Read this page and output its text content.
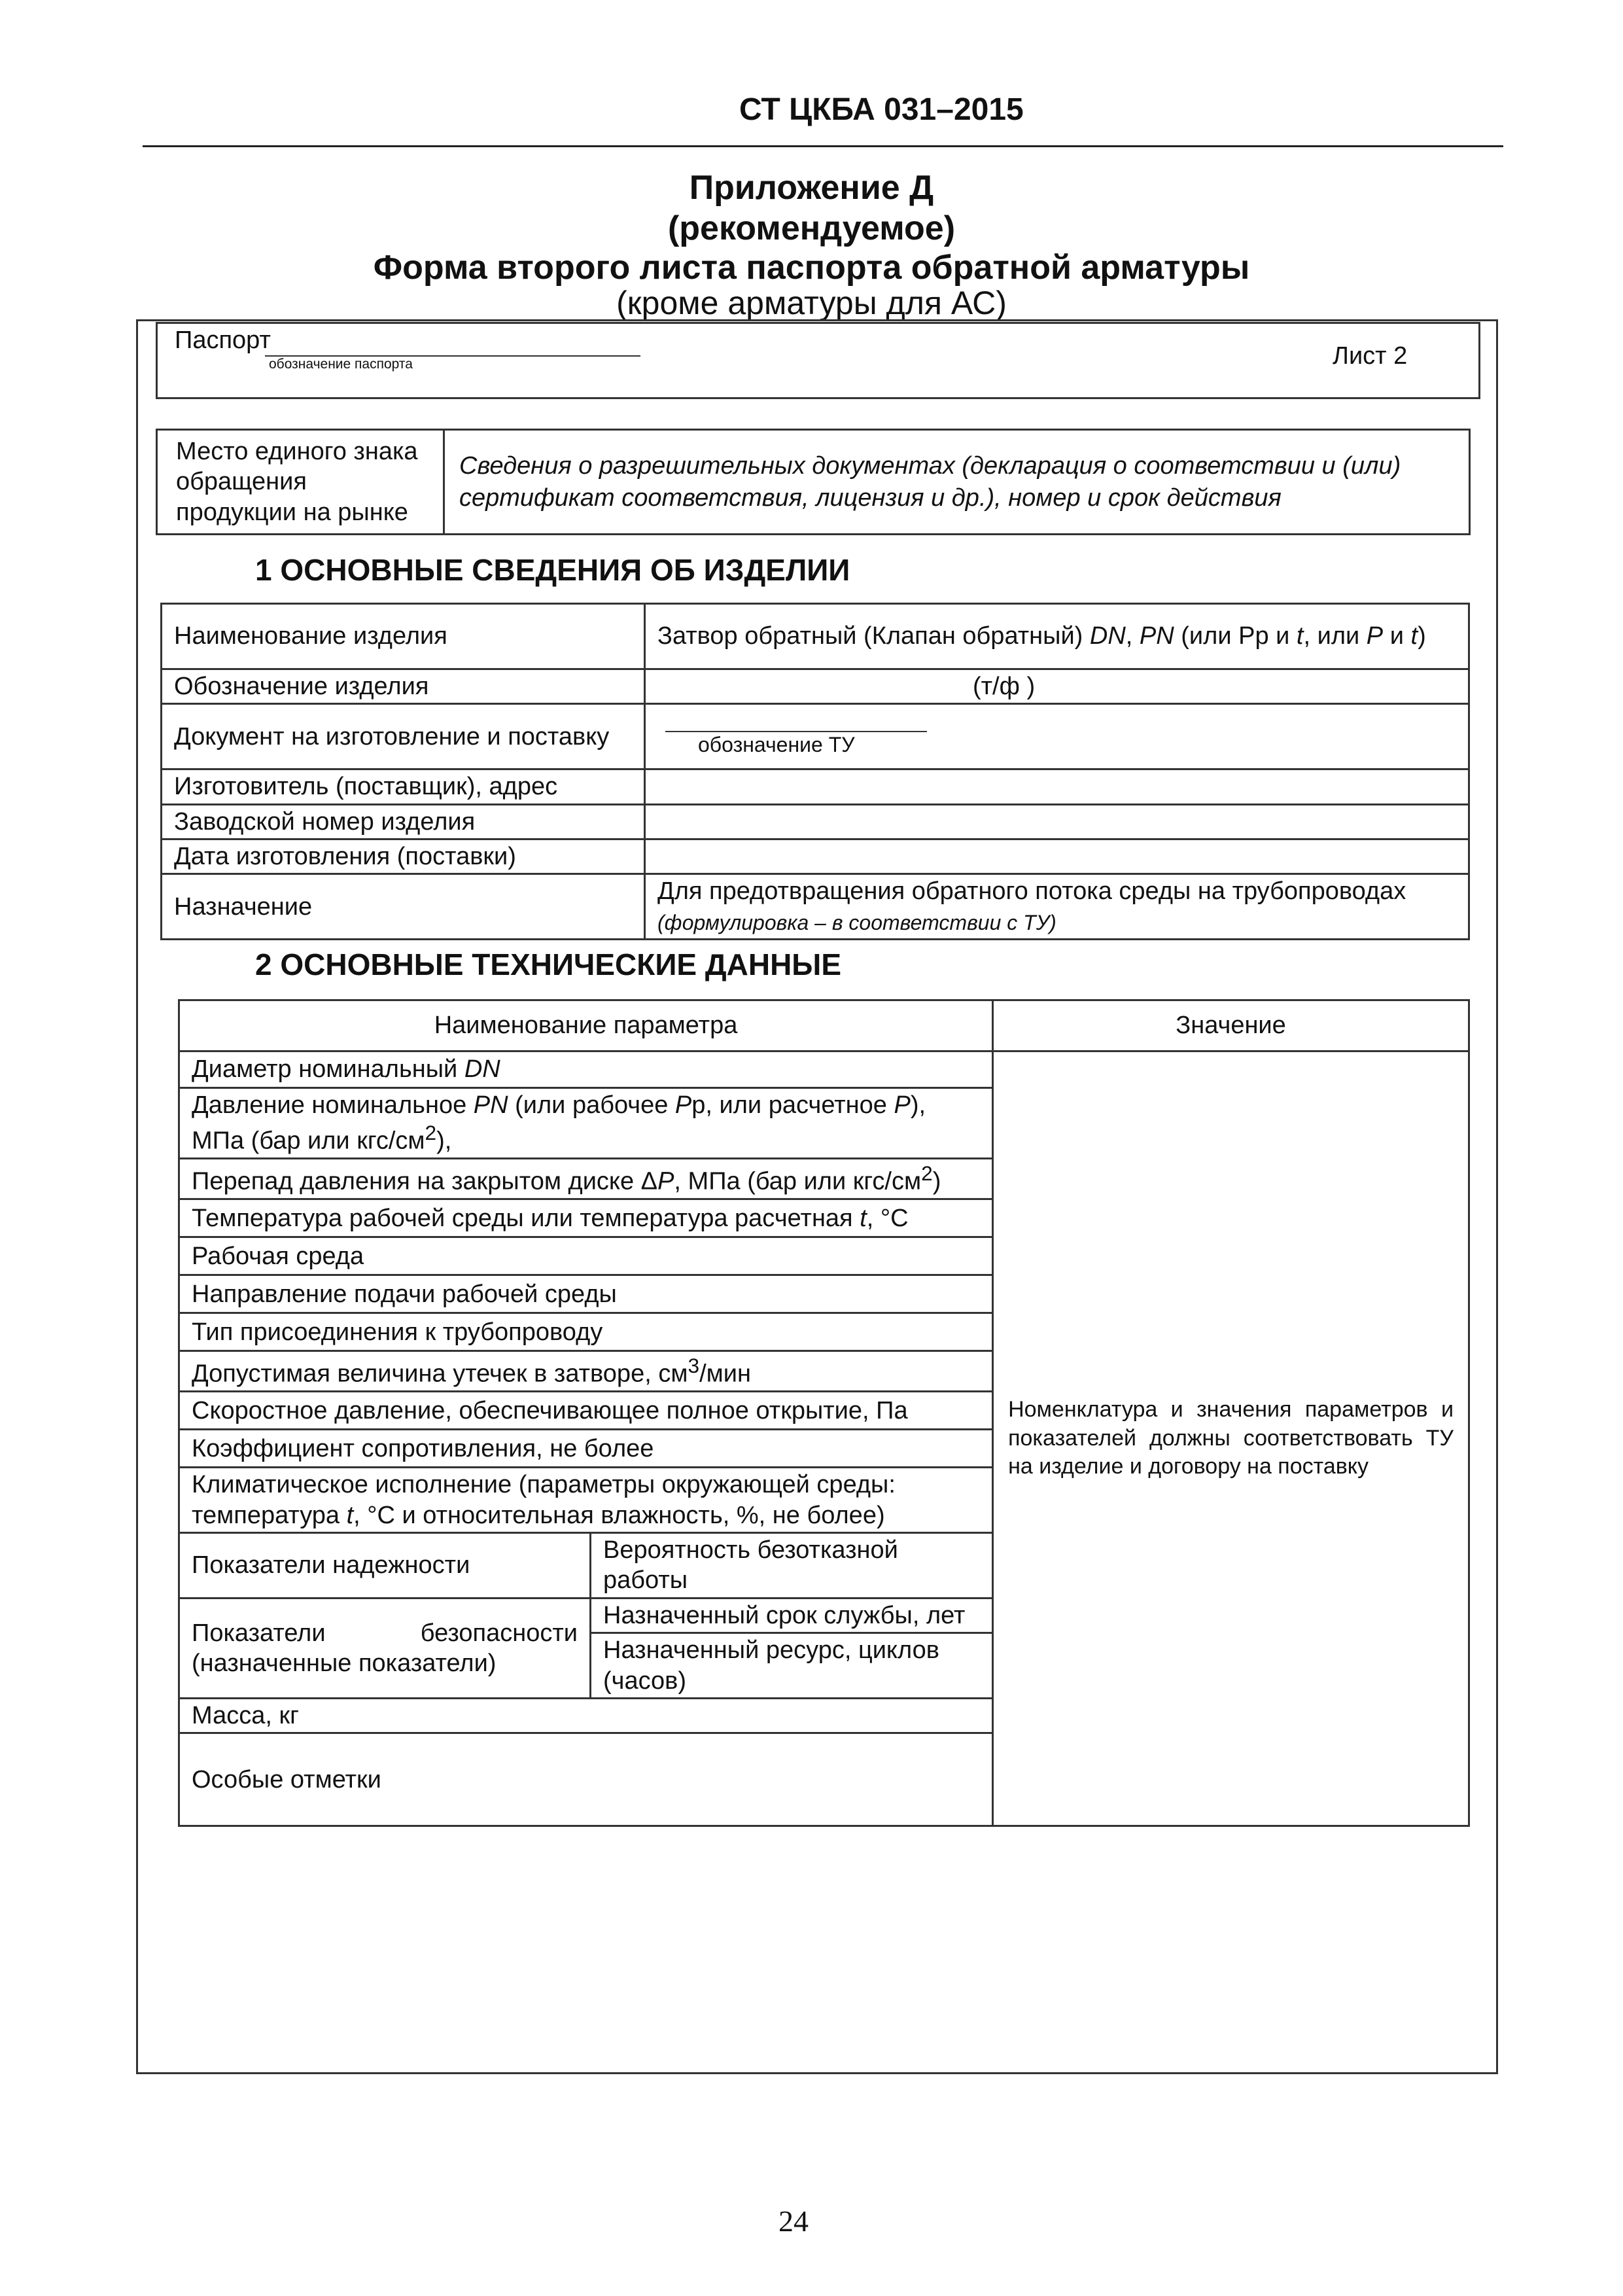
СТ ЦКБА 031–2015
Приложение Д
(рекомендуемое)
Форма второго листа паспорта обратной арматуры
(кроме арматуры для АС)
Паспорт
обозначение паспорта	Лист 2
Место единого знака обращения продукции на рынке	Сведения о разрешительных документах (декларация о соответствии и (или) сертификат соответствия, лицензия и др.), номер и срок действия
1 ОСНОВНЫЕ СВЕДЕНИЯ ОБ ИЗДЕЛИИ
Наименование изделия	Затвор обратный (Клапан обратный) DN, PN (или Рр и t, или Р и t)
Обозначение изделия	(т/ф )
Документ на изготовление и поставку	обозначение ТУ

Изготовитель (поставщик), адрес	
Заводской номер изделия	
Дата изготовления (поставки)	
Назначение	Для предотвращения обратного потока среды на трубопроводах (формулировка – в соответствии с ТУ)
2 ОСНОВНЫЕ ТЕХНИЧЕСКИЕ ДАННЫЕ
Наименование параметра		Значение
Диаметр номинальный DN		Номенклатура и значения параметров и показателей должны соответствовать ТУ на изделие и договору на поставку
Давление номинальное PN (или рабочее Рр, или расчетное Р), МПа (бар или кгс/$см^2$),		
Перепад давления на закрытом диске ΔР, МПа (бар или кгс/$см^2$)		
Температура рабочей среды или температура расчетная t, °С		
Рабочая среда		
Направление подачи рабочей среды		
Тип присоединения к трубопроводу		
Допустимая величина утечек в затворе, $см^3$/мин		
Скоростное давление, обеспечивающее полное открытие, Па		
Коэффициент сопротивления, не более		
Климатическое исполнение (параметры окружающей среды: температура t, °С и относительная влажность, %, не более)		
Показатели надежности	Вероятность безотказной работы	
Показатели безопасности (назначенные показатели)	Назначенный срок службы, лет	
	Назначенный ресурс, циклов (часов)	
Масса, кг		
Особые отметки		
24
